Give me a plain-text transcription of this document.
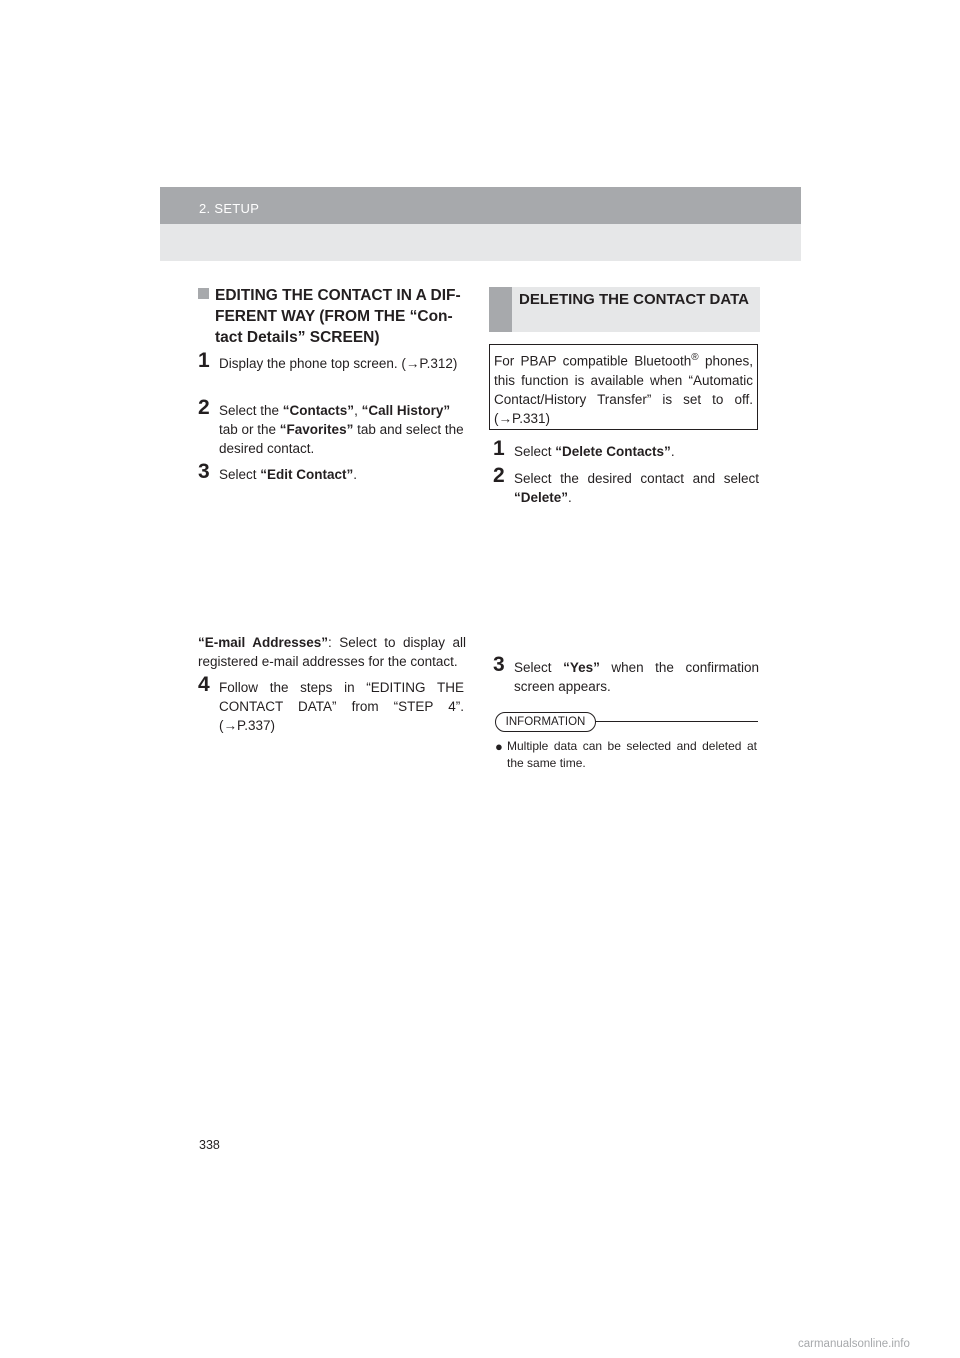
2. SETUP
EDITING THE CONTACT IN A DIF-FERENT WAY (FROM THE “Con-tact Details” SCREEN)
1 Display the phone top screen. (→P.312)
2 Select the “Contacts”, “Call History” tab or the “Favorites” tab and select the desired contact.
3 Select “Edit Contact”.
“E-mail Addresses”: Select to display all registered e-mail addresses for the contact.
4 Follow the steps in “EDITING THE CONTACT DATA” from “STEP 4”. (→P.337)
DELETING THE CONTACT DATA
For PBAP compatible Bluetooth® phones, this function is available when “Automatic Contact/History Transfer” is set to off. (→P.331)
1 Select “Delete Contacts”.
2 Select the desired contact and select “Delete”.
3 Select “Yes” when the confirmation screen appears.
INFORMATION
● Multiple data can be selected and deleted at the same time.
338
carmanualsonline.info
